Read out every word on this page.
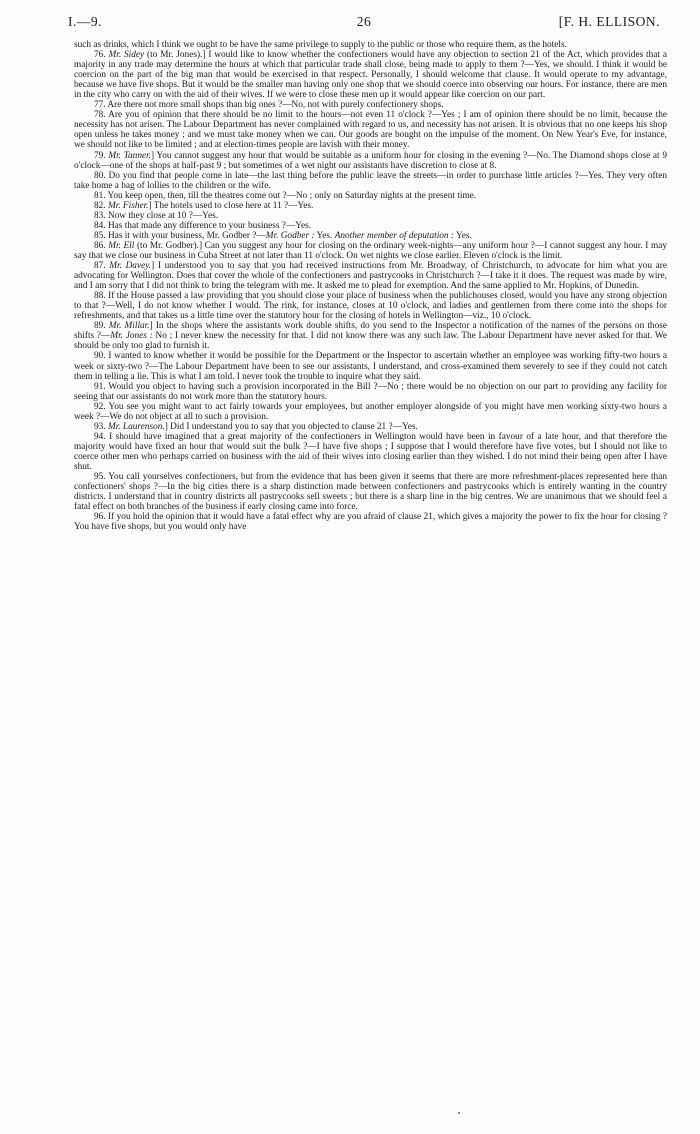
I.—9.	26	[F. H. ELLISON.

such as drinks, which I think we ought to be have the same privilege to supply to the public or those who require them, as the hotels.

76. Mr. Sidey (to Mr. Jones).] I would like to know whether the confectioners would have any objection to section 21 of the Act, which provides that a majority in any trade may determine the hours at which that particular trade shall close, being made to apply to them ?—Yes, we should. I think it would be coercion on the part of the big man that would be exercised in that respect. Personally, I should welcome that clause. It would operate to my advantage, because we have five shops. But it would be the smaller man having only one shop that we should coerce into observing our hours. For instance, there are men in the city who carry on with the aid of their wives. If we were to close these men up it would appear like coercion on our part.

77. Are there not more small shops than big ones ?—No, not with purely confectionery shops.

78. Are you of opinion that there should be no limit to the hours—not even 11 o'clock ?—Yes ; I am of opinion there should be no limit, because the necessity has not arisen. The Labour Department has never complained with regard to us, and necessity has not arisen. It is obvious that no one keeps his shop open unless he takes money ; and we must take money when we can. Our goods are bought on the impulse of the moment. On New Year's Eve, for instance, we should not like to be limited ; and at election-times people are lavish with their money.

79. Mr. Tanner.] You cannot suggest any hour that would be suitable as a uniform hour for closing in the evening ?—No. The Diamond shops close at 9 o'clock—one of the shops at half-past 9 ; but sometimes of a wet night our assistants have discretion to close at 8.

80. Do you find that people come in late—the last thing before the public leave the streets—in order to purchase little articles ?—Yes. They very often take home a bag of lollies to the children or the wife.

81. You keep open, then, till the theatres come out ?—No ; only on Saturday nights at the present time.

82. Mr. Fisher.] The hotels used to close here at 11 ?—Yes.

83. Now they close at 10 ?—Yes.

84. Has that made any difference to your business ?—Yes.

85. Has it with your business, Mr. Godber ?—Mr. Godber : Yes. Another member of deputation : Yes.

86. Mr. Ell (to Mr. Godber).] Can you suggest any hour for closing on the ordinary week-nights—any uniform hour ?—I cannot suggest any hour. I may say that we close our business in Cuba Street at not later than 11 o'clock. On wet nights we close earlier. Eleven o'clock is the limit.

87. Mr. Davey.] I understood you to say that you had received instructions from Mr. Broadway, of Christchurch, to advocate for him what you are advocating for Wellington. Does that cover the whole of the confectioners and pastrycooks in Christchurch ?—I take it it does. The request was made by wire, and I am sorry that I did not think to bring the telegram with me. It asked me to plead for exemption. And the same applied to Mr. Hopkins, of Dunedin.

88. If the House passed a law providing that you should close your place of business when the publichouses closed, would you have any strong objection to that ?—Well, I do not know whether I would. The rink, for instance, closes at 10 o'clock, and ladies and gentlemen from there come into the shops for refreshments, and that takes us a little time over the statutory hour for the closing of hotels in Wellington—viz., 10 o'clock.

89. Mr. Millar.] In the shops where the assistants work double shifts, do you send to the Inspector a notification of the names of the persons on those shifts ?—Mr. Jones : No ; I never knew the necessity for that. I did not know there was any such law. The Labour Department have never asked for that. We should be only too glad to furnish it.

90. I wanted to know whether it would be possible for the Department or the Inspector to ascertain whether an employee was working fifty-two hours a week or sixty-two ?—The Labour Department have been to see our assistants, I understand, and cross-examined them severely to see if they could not catch them in telling a lie. This is what I am told. I never took the trouble to inquire what they said.

91. Would you object to having such a provision incorporated in the Bill ?—No ; there would be no objection on our part to providing any facility for seeing that our assistants do not work more than the statutory hours.

92. You see you might want to act fairly towards your employees, but another employer alongside of you might have men working sixty-two hours a week ?—We do not object at all to such a provision.

93. Mr. Laurenson.] Did I understand you to say that you objected to clause 21 ?—Yes.

94. I should have imagined that a great majority of the confectioners in Wellington would have been in favour of a late hour, and that therefore the majority would have fixed an hour that would suit the bulk ?—I have five shops ; I suppose that I would therefore have five votes, but I should not like to coerce other men who perhaps carried on business with the aid of their wives into closing earlier than they wished. I do not mind their being open after I have shut.

95. You call yourselves confectioners, but from the evidence that has been given it seems that there are more refreshment-places represented here than confectioners' shops ?—In the big cities there is a sharp distinction made between confectioners and pastrycooks which is entirely wanting in the country districts. I understand that in country districts all pastrycooks sell sweets ; but there is a sharp line in the big centres. We are unanimous that we should feel a fatal effect on both branches of the business if early closing came into force.

96. If you hold the opinion that it would have a fatal effect why are you afraid of clause 21, which gives a majority the power to fix the hour for closing ? You have five shops, but you would only have
